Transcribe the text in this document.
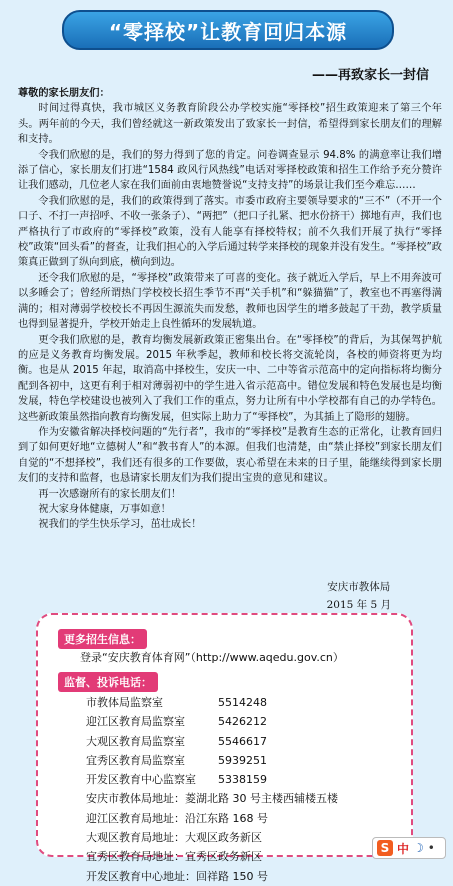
“零择校”让教育回归本源
——再致家长一封信

尊敬的家长朋友们：

时间过得真快，我市城区义务教育阶段公办学校实施“零择校”招生政策迎来了第三个年头。两年前的今天，我们曾经就这一新政策发出了致家长一封信，希望得到家长朋友们的理解和支持。

令我们欣慰的是，我们的努力得到了您的肯定。问卷调查显示 94.8% 的满意率让我们增添了信心，家长朋友们打进“1584 政风行风热线”电话对零择校政策和招生工作给予充分赞许让我们感动，几位老人家在我们面前由衷地赞誉说“支持支持”的场景让我们至今难忘……

令我们欣慰的是，我们的政策得到了落实。市委市政府主要领导要求的“三不”（不开一个口子、不打一声招呼、不收一张条子）、“两把”（把口子扎紧、把水份挤干）掷地有声，我们也严格执行了市政府的“零择校”政策，没有人能享有择校特权；前不久我们开展了执行“零择校”政策“回头看”的督查，让我们担心的入学后通过转学来择校的现象并没有发生。“零择校”政策真正做到了纵向到底，横向到边。

还令我们欣慰的是，“零择校”政策带来了可喜的变化。孩子就近入学后，早上不用奔波可以多睡会了；曾经所谓热门学校校长招生季节不再“关手机”和“躲猫猫”了，教室也不再塞得满满的；相对薄弱学校校长不再因生源流失而发愁，教师也因学生的增多鼓起了干劲，教学质量也得到显著提升，学校开始走上良性循环的发展轨道。

更令我们欣慰的是，教育均衡发展新政策正密集出台。在“零择校”的背后，为其保驾护航的应是义务教育均衡发展。2015 年秋季起，教师和校长将交流轮岗，各校的师资将更为均衡。也是从 2015 年起，取消高中择校生，安庆一中、二中等省示范高中的定向指标将均衡分配到各初中，这更有利于相对薄弱初中的学生进入省示范高中。错位发展和特色发展也是均衡发展，特色学校建设也被列入了我们工作的重点，努力让所有中小学校都有自己的办学特色。这些新政策虽然指向教育均衡发展，但实际上助力了“零择校”，为其插上了隐形的翅膀。

作为安徽省解决择校问题的“先行者”，我市的“零择校”是教育生态的正常化，让教育回归到了如何更好地“立德树人”和“教书育人”的本源。但我们也清楚，由“禁止择校”到家长朋友们自觉的“不想择校”，我们还有很多的工作要做，衷心希望在未来的日子里，能继续得到家长朋友们的支持和监督，也恳请家长朋友们为我们提出宝贵的意见和建议。

再一次感谢所有的家长朋友们！

祝大家身体健康，万事如意！

祝我们的学生快乐学习，茁壮成长！

安庆市教体局
2015 年 5 月
更多招生信息：
登录“安庆教育体育网”（http://www.aqedu.gov.cn）
监督、投诉电话：
市教体局监察室	5514248
迎江区教育局监察室	5426212
大观区教育局监察室	5546617
宜秀区教育局监察室	5939251
开发区教育中心监察室 5338159
安庆市教体局地址：菱湖北路 30 号主楼西辅楼五楼
迎江区教育局地址：沿江东路 168 号
大观区教育局地址：大观区政务新区
宜秀区教育局地址：宜秀区政务新区
开发区教育中心地址：回祥路 150 号
S 中 ☽ •
